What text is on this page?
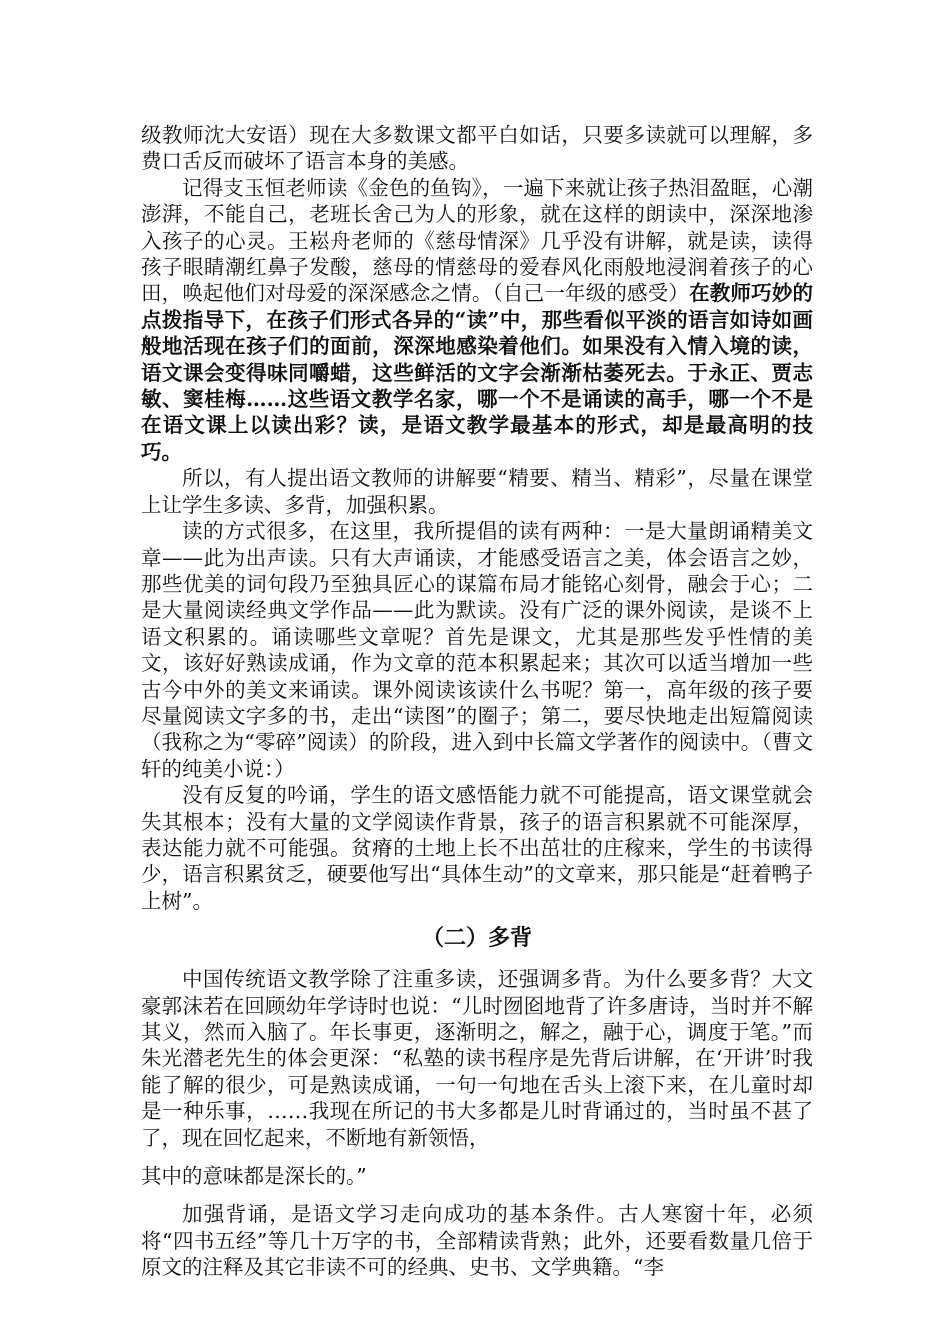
级教师沈大安语）现在大多数课文都平白如话，只要多读就可以理解，多费口舌反而破坏了语言本身的美感。

记得支玉恒老师读《金色的鱼钩》，一遍下来就让孩子热泪盈眶，心潮澎湃，不能自己，老班长舍己为人的形象，就在这样的朗读中，深深地渗入孩子的心灵。王崧舟老师的《慈母情深》几乎没有讲解，就是读，读得孩子眼睛潮红鼻子发酸，慈母的情慈母的爱春风化雨般地浸润着孩子的心田，唤起他们对母爱的深深感念之情。（自己一年级的感受）在教师巧妙的点拨指导下，在孩子们形式各异的“读”中，那些看似平淡的语言如诗如画般地活现在孩子们的面前，深深地感染着他们。如果没有入情入境的读，语文课会变得味同嚼蜡，这些鲜活的文字会渐渐枯萎死去。于永正、贾志敏、窦桂梅……这些语文教学名家，哪一个不是诵读的高手，哪一个不是在语文课上以读出彩？读，是语文教学最基本的形式，却是最高明的技巧。

所以，有人提出语文教师的讲解要“精要、精当、精彩”，尽量在课堂上让学生多读、多背，加强积累。

读的方式很多，在这里，我所提倡的读有两种：一是大量朗诵精美文章——此为出声读。只有大声诵读，才能感受语言之美，体会语言之妙，那些优美的词句段乃至独具匠心的谋篇布局才能铭心刻骨，融会于心；二是大量阅读经典文学作品——此为默读。没有广泛的课外阅读，是谈不上语文积累的。诵读哪些文章呢？首先是课文，尤其是那些发乎性情的美文，该好好熟读成诵，作为文章的范本积累起来；其次可以适当增加一些古今中外的美文来诵读。课外阅读该读什么书呢？第一，高年级的孩子要尽量阅读文字多的书，走出“读图”的圈子；第二，要尽快地走出短篇阅读（我称之为“零碎”阅读）的阶段，进入到中长篇文学著作的阅读中。（曹文轩的纯美小说：）

没有反复的吟诵，学生的语文感悟能力就不可能提高，语文课堂就会失其根本；没有大量的文学阅读作背景，孩子的语言积累就不可能深厚，表达能力就不可能强。贫瘠的土地上长不出茁壮的庄稼来，学生的书读得少，语言积累贫乏，硬要他写出“具体生动”的文章来，那只能是“赶着鸭子上树”。

（二）多背

中国传统语文教学除了注重多读，还强调多背。为什么要多背？大文豪郭沫若在回顾幼年学诗时也说：“儿时囫囵地背了许多唐诗，当时并不解其义，然而入脑了。年长事更，逐渐明之，解之，融于心，调度于笔。”而朱光潜老先生的体会更深：“私塾的读书程序是先背后讲解，在‘开讲’时我能了解的很少，可是熟读成诵，一句一句地在舌头上滚下来，在儿童时却是一种乐事，……我现在所记的书大多都是儿时背诵过的，当时虽不甚了了，现在回忆起来，不断地有新领悟，

其中的意味都是深长的。”

加强背诵，是语文学习走向成功的基本条件。古人寒窗十年，必须将“四书五经”等几十万字的书，全部精读背熟；此外，还要看数量几倍于原文的注释及其它非读不可的经典、史书、文学典籍。“李
